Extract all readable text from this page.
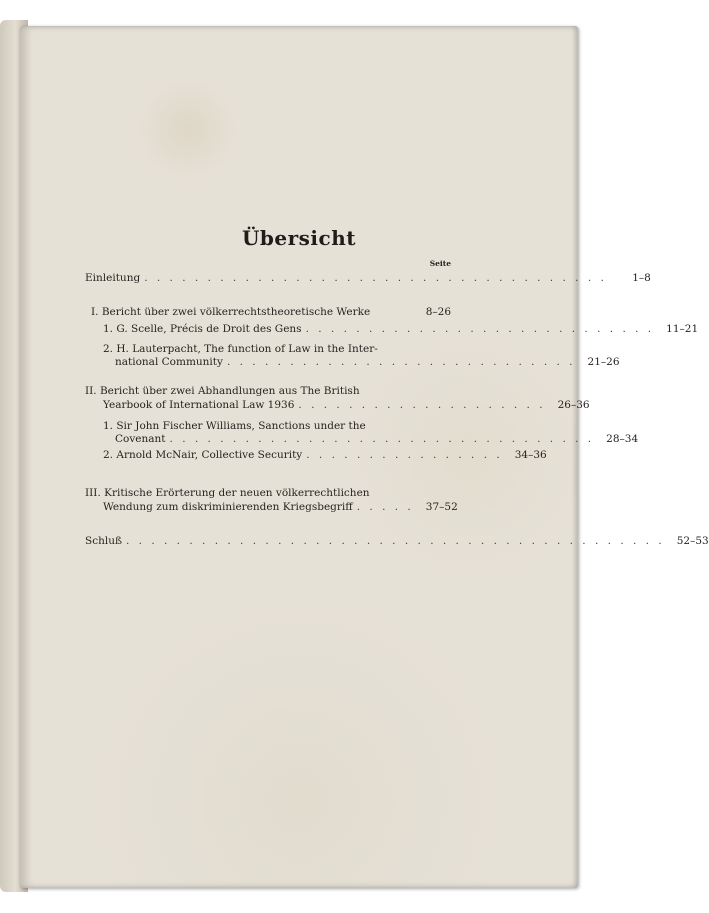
Übersicht
Seite
Einleitung . . . . . . . . . . . . . . . . . . . . . . . . . . . . . . . . . . . . .	1–8
I. Bericht über zwei völkerrechtstheoretische Werke	8–26
1. G. Scelle, Précis de Droit des Gens . . . . . . . . . . . . . . . . . . . . . . . . . . . .	11–21
2. H. Lauterpacht, The function of Law in the Inter-
national Community . . . . . . . . . . . . . . . . . . . . . . . . . . . .	21–26
II. Bericht über zwei Abhandlungen aus The British
Yearbook of International Law 1936 . . . . . . . . . . . . . . . . . . . .	26–36
1. Sir John Fischer Williams, Sanctions under the
Covenant . . . . . . . . . . . . . . . . . . . . . . . . . . . . . . . . . .	28–34
2. Arnold McNair, Collective Security . . . . . . . . . . . . . . . .	34–36
III. Kritische Erörterung der neuen völkerrechtlichen
Wendung zum diskriminierenden Kriegsbegriff . . . . .	37–52
Schluß . . . . . . . . . . . . . . . . . . . . . . . . . . . . . . . . . . . . . . . . . . .	52–53
